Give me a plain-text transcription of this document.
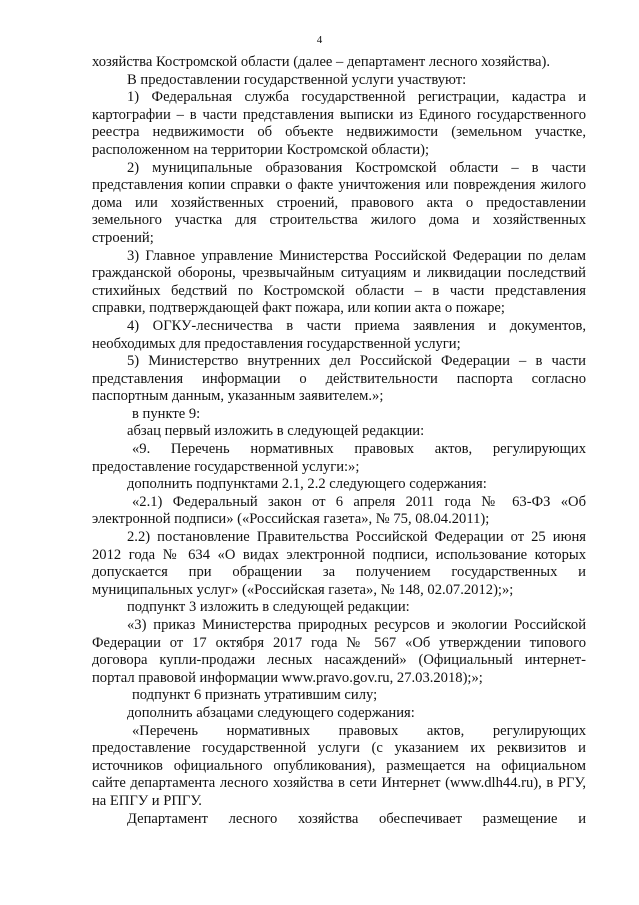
4

хозяйства Костромской области (далее – департамент лесного хозяйства).

В предоставлении государственной услуги участвуют:

1) Федеральная служба государственной регистрации, кадастра и картографии – в части представления выписки из Единого государственного реестра недвижимости об объекте недвижимости (земельном участке, расположенном на территории Костромской области);

2) муниципальные образования Костромской области – в части представления копии справки о факте уничтожения или повреждения жилого дома или хозяйственных строений, правового акта о предоставлении земельного участка для строительства жилого дома и хозяйственных строений;

3) Главное управление Министерства Российской Федерации по делам гражданской обороны, чрезвычайным ситуациям и ликвидации последствий стихийных бедствий по Костромской области – в части представления справки, подтверждающей факт пожара, или копии акта о пожаре;

4) ОГКУ-лесничества в части приема заявления и документов, необходимых для предоставления государственной услуги;

5) Министерство внутренних дел Российской Федерации – в части представления информации о действительности паспорта согласно паспортным данным, указанным заявителем.»;

в пункте 9:

абзац первый изложить в следующей редакции:

«9. Перечень нормативных правовых актов, регулирующих предоставление государственной услуги:»;

дополнить подпунктами 2.1, 2.2 следующего содержания:

«2.1) Федеральный закон от 6 апреля 2011 года № 63-ФЗ «Об электронной подписи» («Российская газета», № 75, 08.04.2011);

2.2) постановление Правительства Российской Федерации от 25 июня 2012 года № 634 «О видах электронной подписи, использование которых допускается при обращении за получением государственных и муниципальных услуг» («Российская газета», № 148, 02.07.2012);»;

подпункт 3 изложить в следующей редакции:

«3) приказ Министерства природных ресурсов и экологии Российской Федерации от 17 октября 2017 года № 567 «Об утверждении типового договора купли-продажи лесных насаждений» (Официальный интернет-портал правовой информации www.pravo.gov.ru, 27.03.2018);»;

подпункт 6 признать утратившим силу;

дополнить абзацами следующего содержания:

«Перечень нормативных правовых актов, регулирующих предоставление государственной услуги (с указанием их реквизитов и источников официального опубликования), размещается на официальном сайте департамента лесного хозяйства в сети Интернет (www.dlh44.ru), в РГУ, на ЕПГУ и РПГУ.

Департамент лесного хозяйства обеспечивает размещение и
